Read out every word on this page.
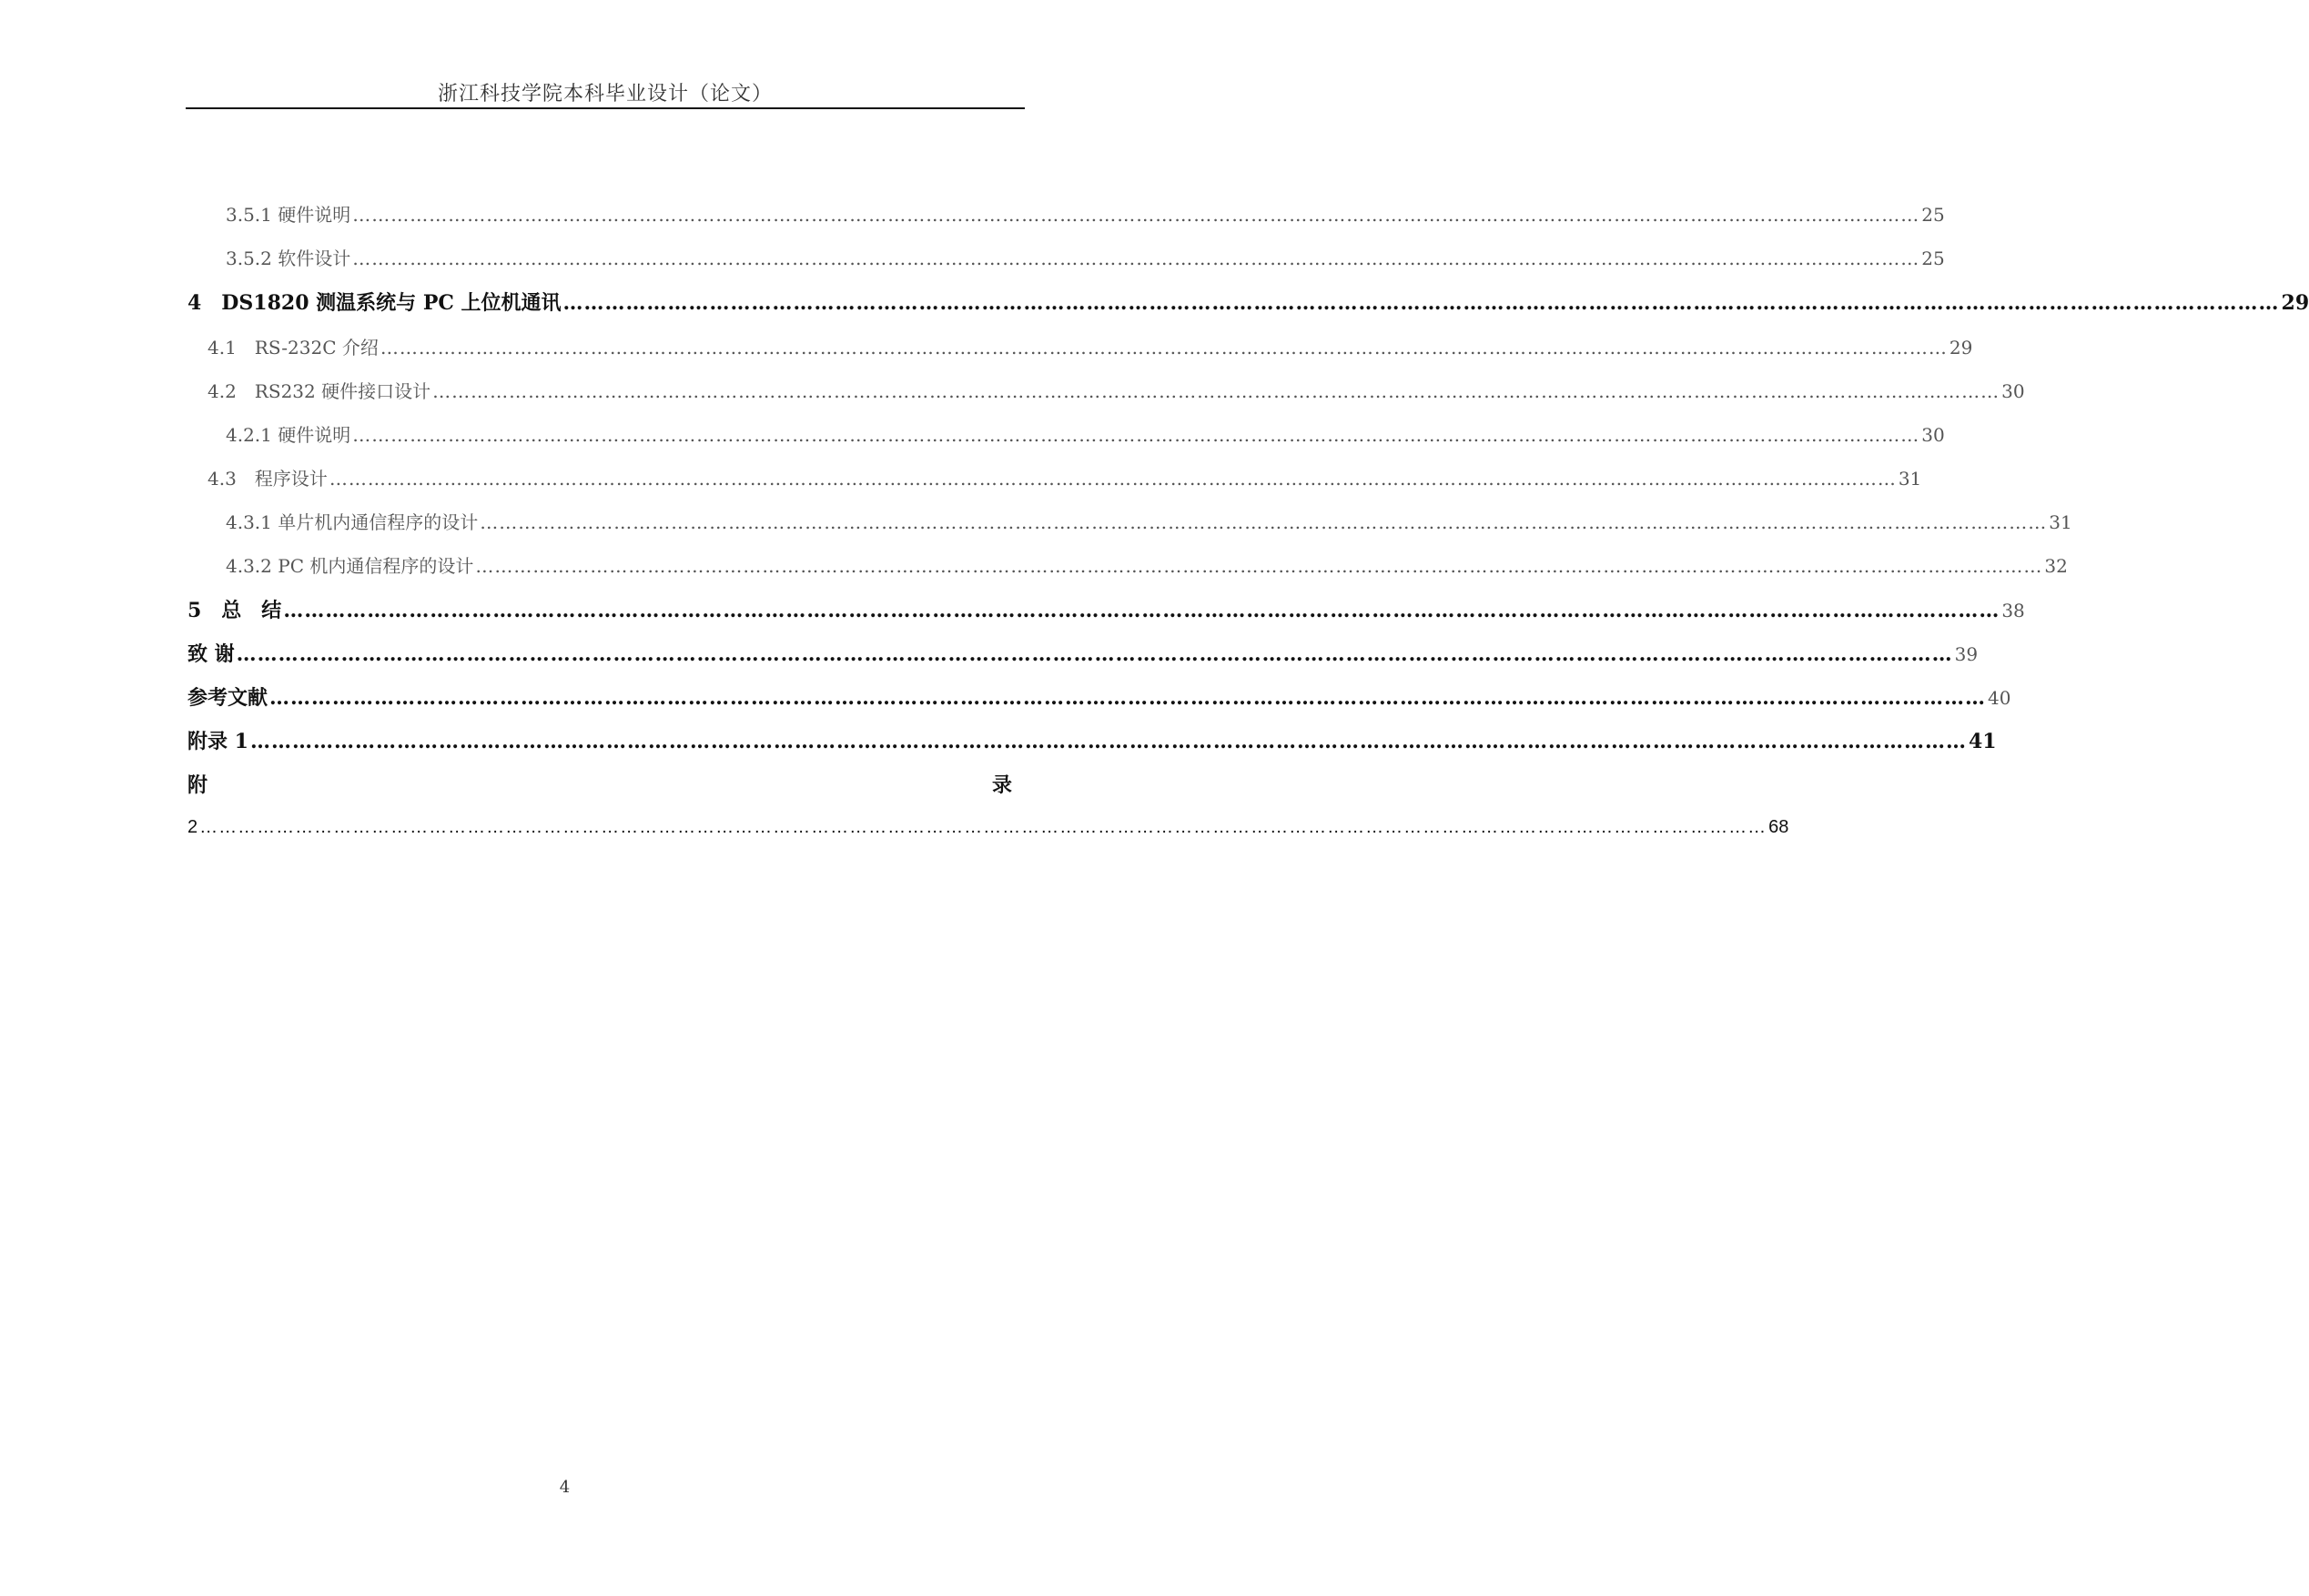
浙江科技学院本科毕业设计（论文）
3.5.1 硬件说明 ………………………………………………………………………………………………………………………………………………………………………………………………………………………… 25
3.5.2 软件设计 ………………………………………………………………………………………………………………………………………………………………………………………………………………………… 25
4　DS1820 测温系统与 PC 上位机通讯 ………………………………………………………………………………………………………………………………………………………………………………………………………………………… 29
4.1　RS-232C 介绍 ………………………………………………………………………………………………………………………………………………………………………………………………………………………… 29
4.2　RS232 硬件接口设计 ………………………………………………………………………………………………………………………………………………………………………………………………………………………… 30
4.2.1 硬件说明 ………………………………………………………………………………………………………………………………………………………………………………………………………………………… 30
4.3　程序设计 ………………………………………………………………………………………………………………………………………………………………………………………………………………………… 31
4.3.1 单片机内通信程序的设计 ………………………………………………………………………………………………………………………………………………………………………………………………………………………… 31
4.3.2 PC 机内通信程序的设计 ………………………………………………………………………………………………………………………………………………………………………………………………………………………… 32
5　总　结 ………………………………………………………………………………………………………………………………………………………………………………………………………………………… 38
致 谢 ………………………………………………………………………………………………………………………………………………………………………………………………………………………… 39
参考文献 ………………………………………………………………………………………………………………………………………………………………………………………………………………………… 40
附录 1 ………………………………………………………………………………………………………………………………………………………………………………………………………………………… 41
附	录
2 ………………………………………………………………………………………………………………………………………………………………………………………………………………………… 68
4
